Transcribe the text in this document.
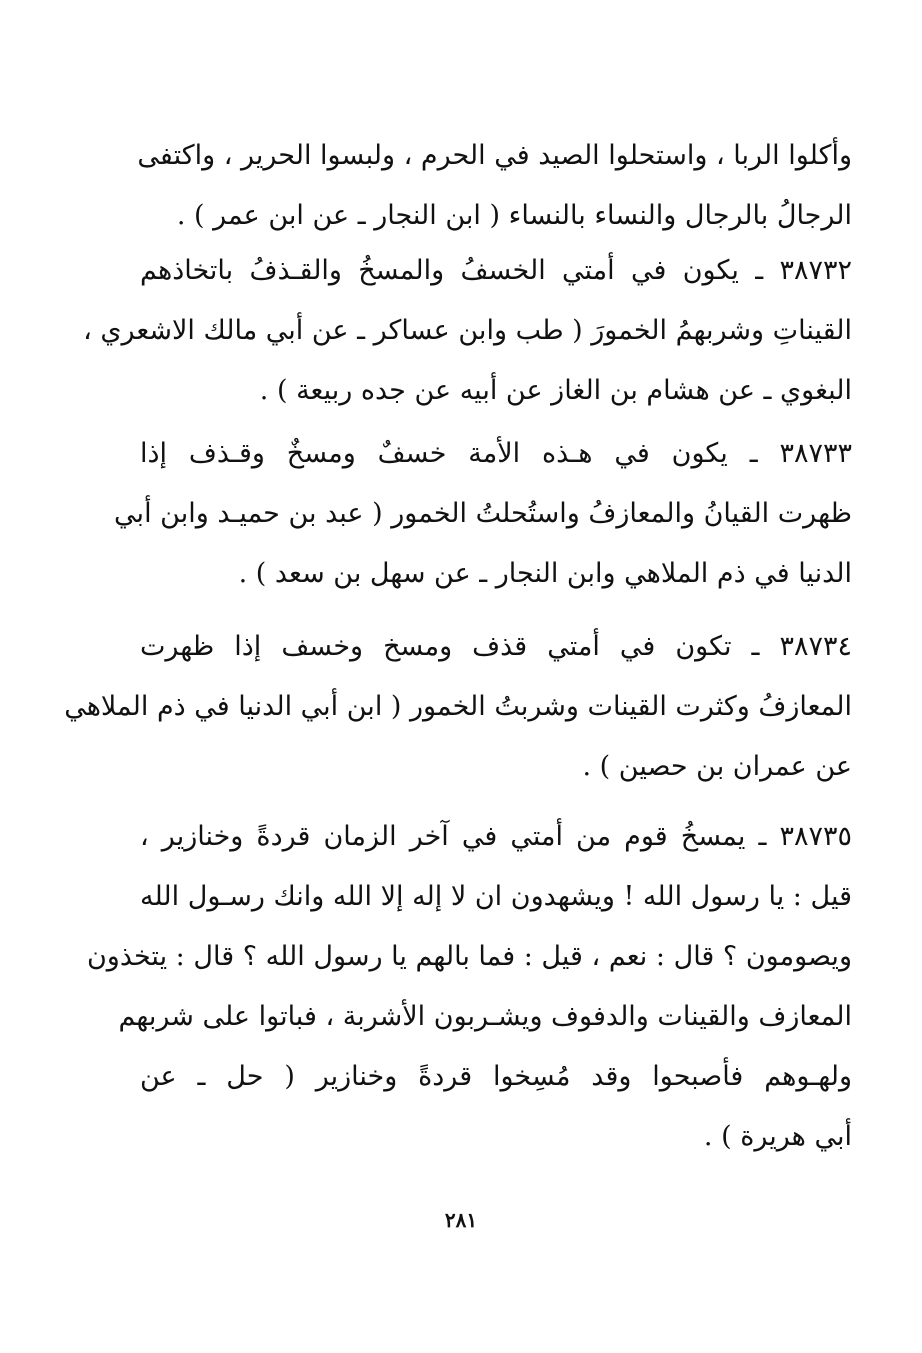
وأكلوا الربا ، واستحلوا الصيد في الحرم ، ولبسوا الحرير ، واكتفى
الرجالُ بالرجال والنساء بالنساء ( ابن النجار ـ عن ابن عمر ) .
٣٨٧٣٢ ـ يكون في أمتي الخسفُ والمسخُ والقـذفُ باتخاذهم
القيناتِ وشربهمُ الخمورَ ( طب وابن عساكر ـ عن أبي مالك الاشعري ،
البغوي ـ عن هشام بن الغاز عن أبيه عن جده ربيعة ) .
٣٨٧٣٣ ـ يكون في هـذه الأمة خسفٌ ومسخٌ وقـذف إذا
ظهرت القيانُ والمعازفُ واستُحلتُ الخمور ( عبد بن حميـد وابن أبي
الدنيا في ذم الملاهي وابن النجار ـ عن سهل بن سعد ) .
٣٨٧٣٤ ـ تكون في أمتي قذف ومسخ وخسف إذا ظهرت
المعازفُ وكثرت القينات وشربتُ الخمور ( ابن أبي الدنيا في ذم الملاهي
عن عمران بن حصين ) .
٣٨٧٣٥ ـ يمسخُ قوم من أمتي في آخر الزمان قردةً وخنازير ،
قيل : يا رسول الله ! ويشهدون ان لا إله إلا الله وانك رسـول الله
ويصومون ؟ قال : نعم ، قيل : فما بالهم يا رسول الله ؟ قال : يتخذون
المعازف والقينات والدفوف ويشـربون الأشربة ، فباتوا على شربهم
ولهـوهم فأصبحوا وقد مُسِخوا قردةً وخنازير ( حل ـ عن
أبي هريرة ) .
٢٨١
